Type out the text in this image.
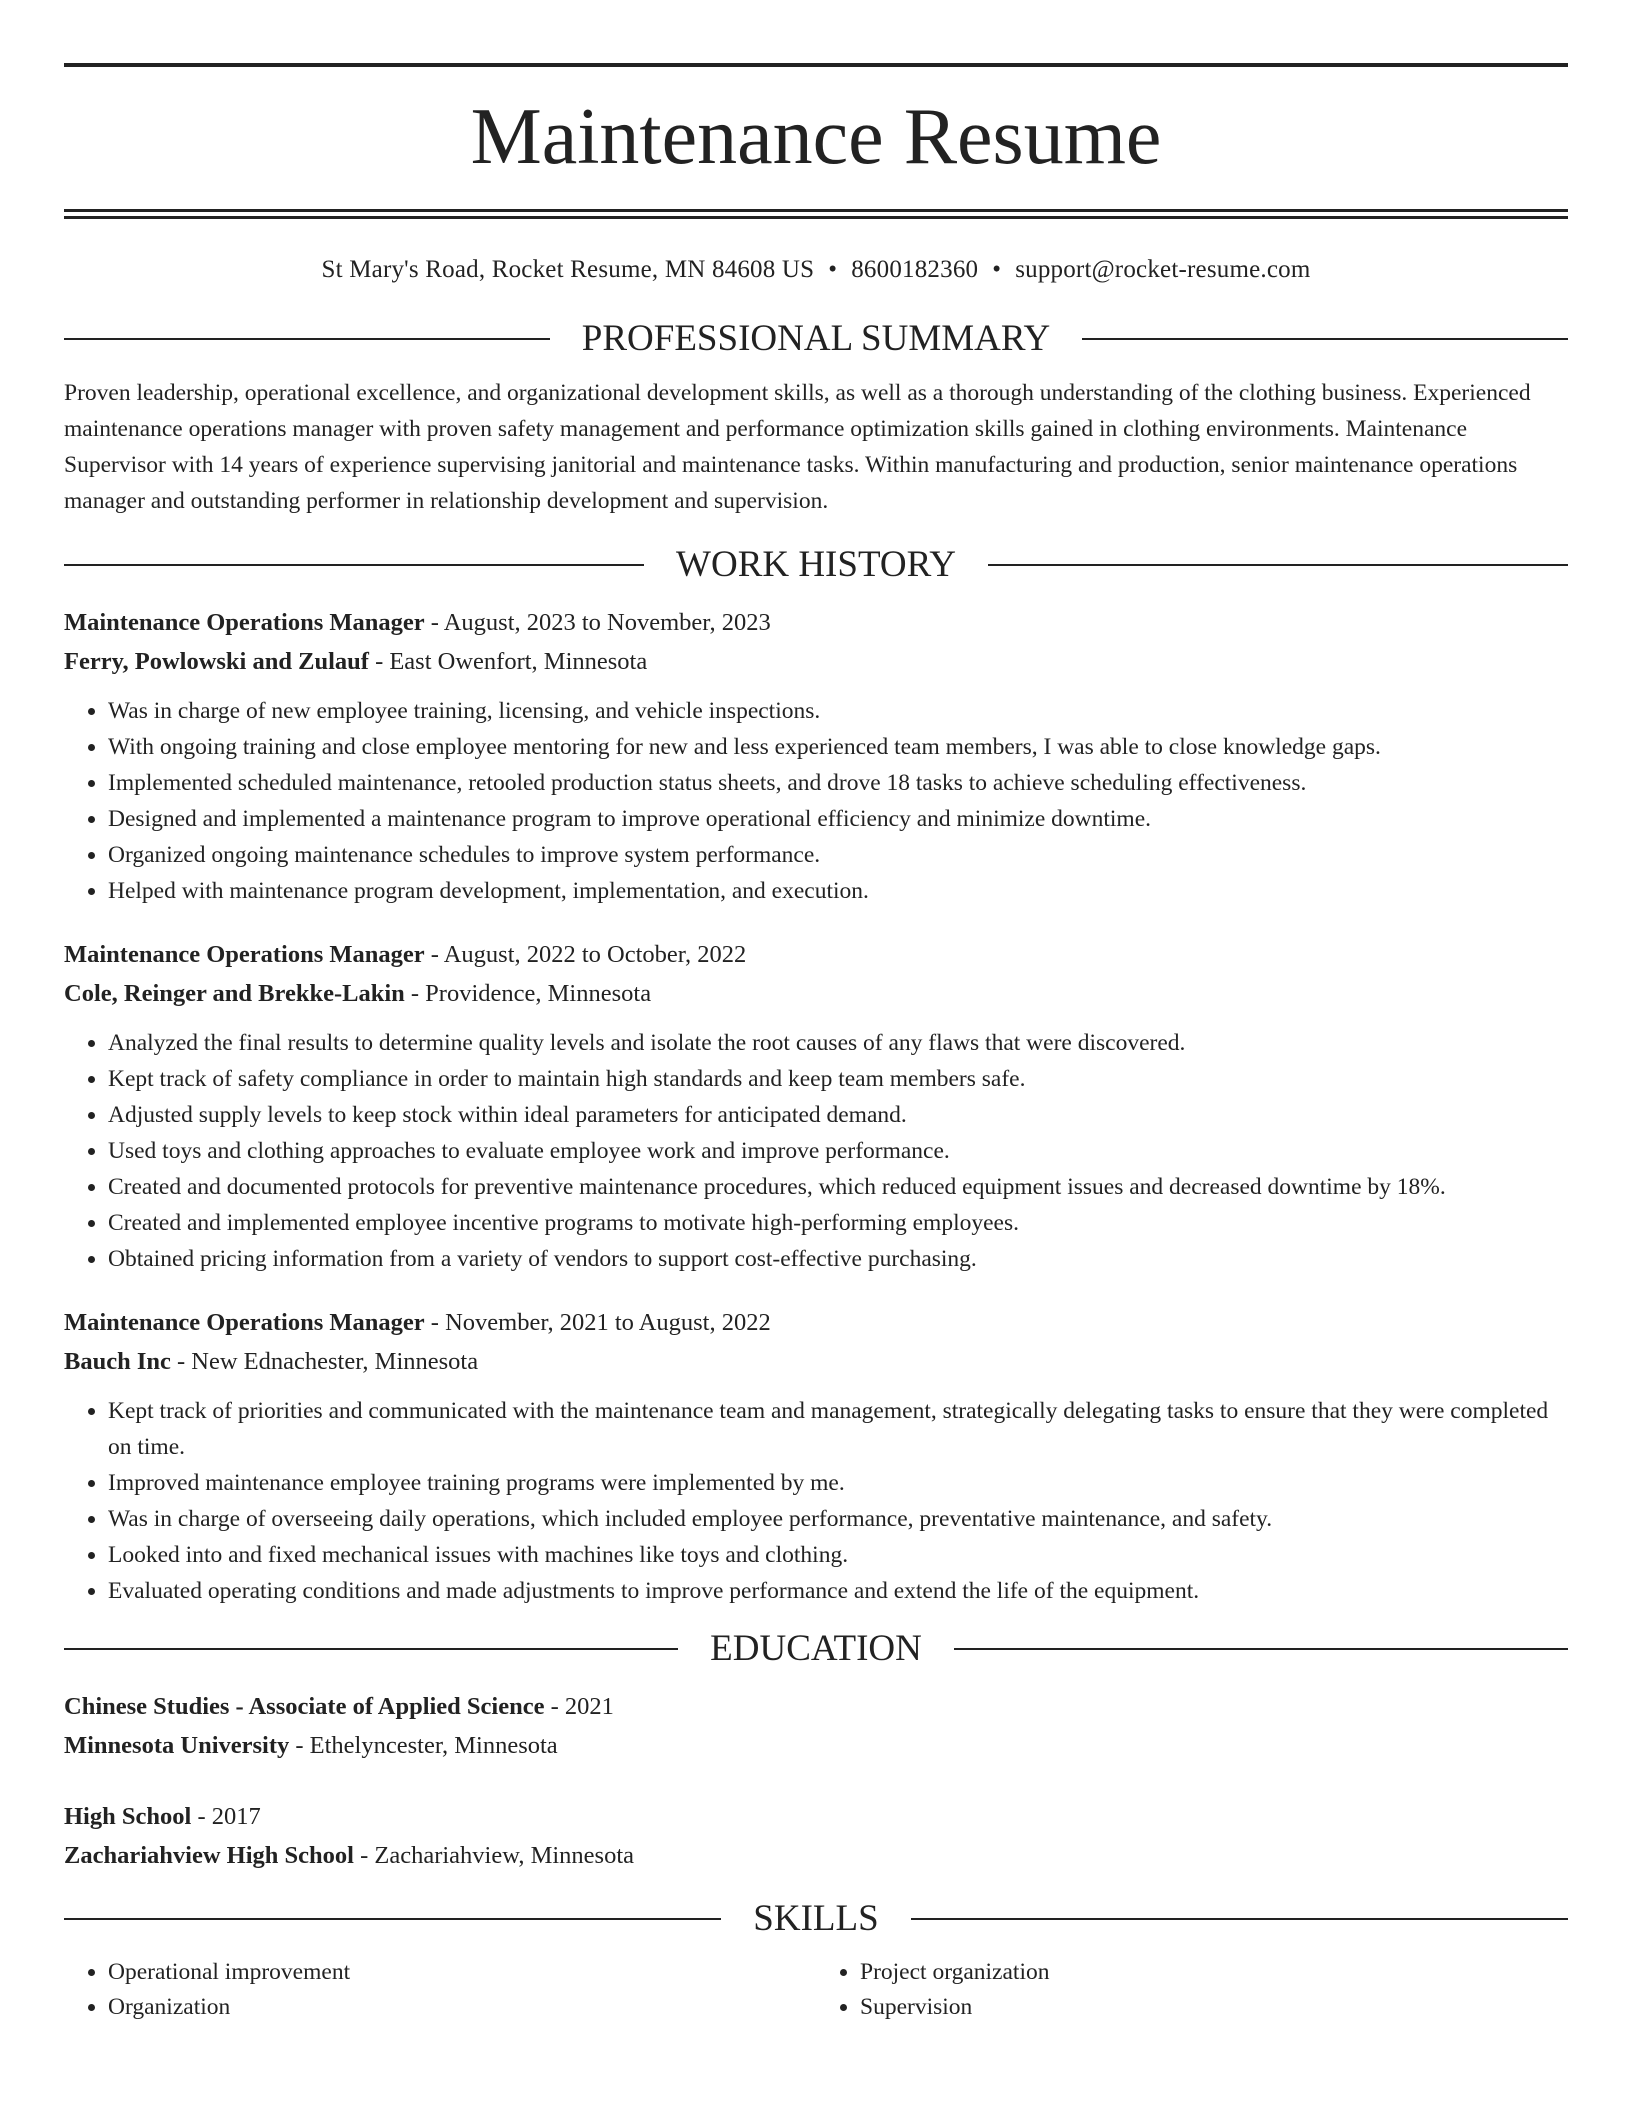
Maintenance Resume
St Mary's Road, Rocket Resume, MN 84608 US • 8600182360 • support@rocket-resume.com
PROFESSIONAL SUMMARY

Proven leadership, operational excellence, and organizational development skills, as well as a thorough understanding of the clothing business. Experienced maintenance operations manager with proven safety management and performance optimization skills gained in clothing environments. Maintenance Supervisor with 14 years of experience supervising janitorial and maintenance tasks. Within manufacturing and production, senior maintenance operations manager and outstanding performer in relationship development and supervision.

WORK HISTORY
Maintenance Operations Manager - August, 2023 to November, 2023
Ferry, Powlowski and Zulauf - East Owenfort, Minnesota
• Was in charge of new employee training, licensing, and vehicle inspections.
• With ongoing training and close employee mentoring for new and less experienced team members, I was able to close knowledge gaps.
• Implemented scheduled maintenance, retooled production status sheets, and drove 18 tasks to achieve scheduling effectiveness.
• Designed and implemented a maintenance program to improve operational efficiency and minimize downtime.
• Organized ongoing maintenance schedules to improve system performance.
• Helped with maintenance program development, implementation, and execution.
Maintenance Operations Manager - August, 2022 to October, 2022
Cole, Reinger and Brekke-Lakin - Providence, Minnesota
• Analyzed the final results to determine quality levels and isolate the root causes of any flaws that were discovered.
• Kept track of safety compliance in order to maintain high standards and keep team members safe.
• Adjusted supply levels to keep stock within ideal parameters for anticipated demand.
• Used toys and clothing approaches to evaluate employee work and improve performance.
• Created and documented protocols for preventive maintenance procedures, which reduced equipment issues and decreased downtime by 18%.
• Created and implemented employee incentive programs to motivate high-performing employees.
• Obtained pricing information from a variety of vendors to support cost-effective purchasing.
Maintenance Operations Manager - November, 2021 to August, 2022
Bauch Inc - New Ednachester, Minnesota
• Kept track of priorities and communicated with the maintenance team and management, strategically delegating tasks to ensure that they were completed on time.
• Improved maintenance employee training programs were implemented by me.
• Was in charge of overseeing daily operations, which included employee performance, preventative maintenance, and safety.
• Looked into and fixed mechanical issues with machines like toys and clothing.
• Evaluated operating conditions and made adjustments to improve performance and extend the life of the equipment.
EDUCATION
Chinese Studies - Associate of Applied Science - 2021
Minnesota University - Ethelyncester, Minnesota
High School - 2017
Zachariahview High School - Zachariahview, Minnesota
SKILLS
• Operational improvement
• Organization
• Project organization
• Supervision
